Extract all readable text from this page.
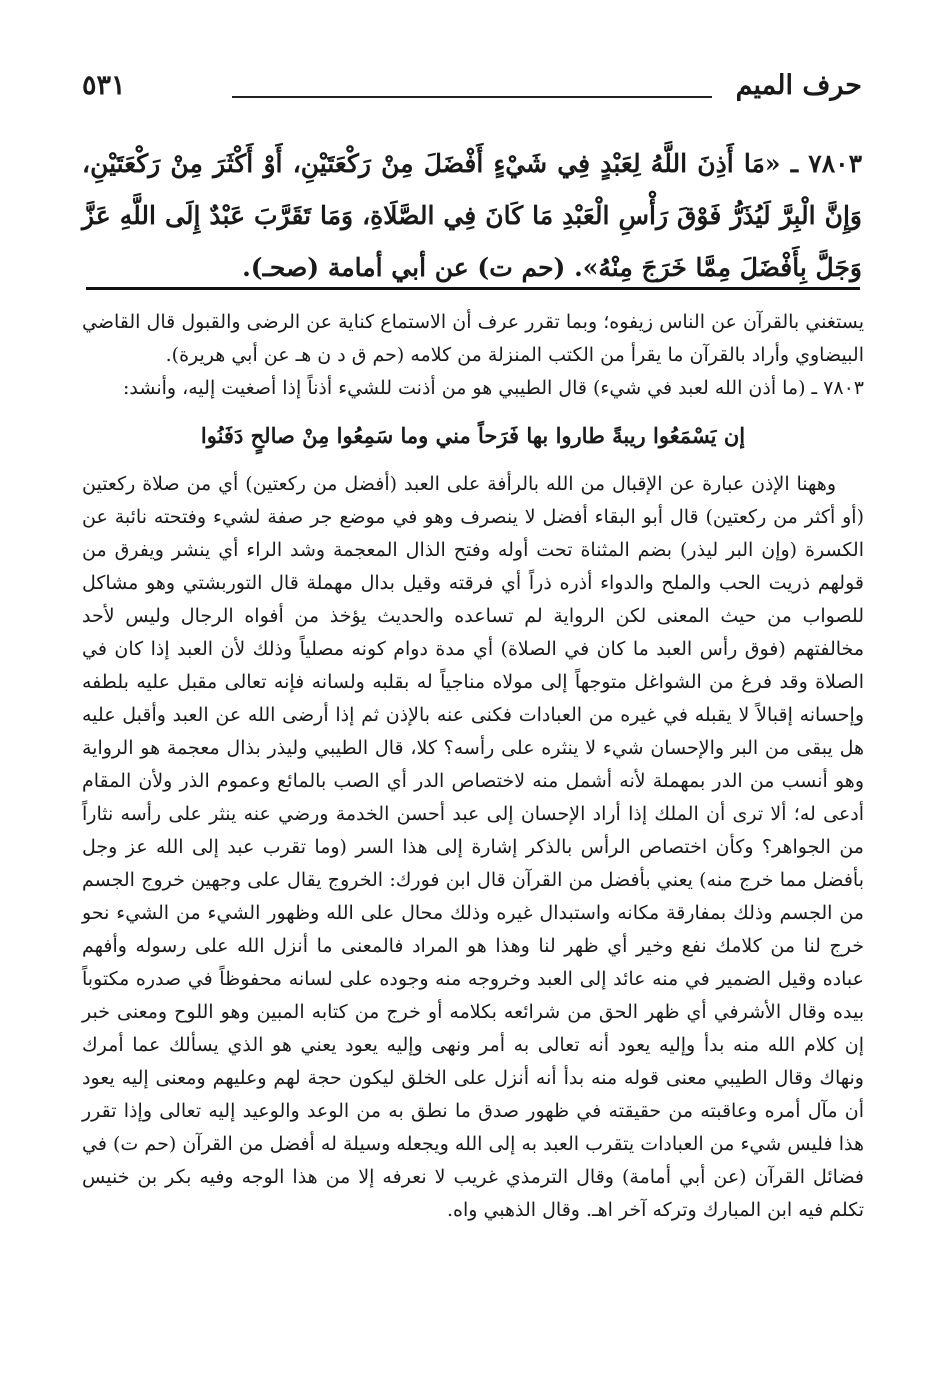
حرف الميم
٥٣١
٧٨٠٣ ـ «مَا أَذِنَ اللَّهُ لِعَبْدٍ فِي شَيْءٍ أَفْضَلَ مِنْ رَكْعَتَيْنِ، أَوْ أَكْثَرَ مِنْ رَكْعَتَيْنِ، وَإِنَّ الْبِرَّ لَيُذَرُّ فَوْقَ رَأْسِ الْعَبْدِ مَا كَانَ فِي الصَّلَاةِ، وَمَا تَقَرَّبَ عَبْدٌ إِلَى اللَّهِ عَزَّ وَجَلَّ بِأَفْضَلَ مِمَّا خَرَجَ مِنْهُ». (حم ت) عن أبي أمامة (صحـ).

يستغني بالقرآن عن الناس زيفوه؛ وبما تقرر عرف أن الاستماع كناية عن الرضى والقبول قال القاضي البيضاوي وأراد بالقرآن ما يقرأ من الكتب المنزلة من كلامه (حم ق د ن هـ عن أبي هريرة).

٧٨٠٣ ـ (ما أذن الله لعبد في شيء) قال الطيبي هو من أذنت للشيء أذناً إذا أصغيت إليه، وأنشد:

إن يَسْمَعُوا ريبةً طاروا بها فَرَحاً مني وما سَمِعُوا مِنْ صالحٍ دَفَنُوا

وههنا الإذن عبارة عن الإقبال من الله بالرأفة على العبد (أفضل من ركعتين) أي من صلاة ركعتين (أو أكثر من ركعتين) قال أبو البقاء أفضل لا ينصرف وهو في موضع جر صفة لشيء وفتحته نائبة عن الكسرة (وإن البر ليذر) بضم المثناة تحت أوله وفتح الذال المعجمة وشد الراء أي ينشر ويفرق من قولهم ذريت الحب والملح والدواء أذره ذراً أي فرقته وقيل بدال مهملة قال التوربشتي وهو مشاكل للصواب من حيث المعنى لكن الرواية لم تساعده والحديث يؤخذ من أفواه الرجال وليس لأحد مخالفتهم (فوق رأس العبد ما كان في الصلاة) أي مدة دوام كونه مصلياً وذلك لأن العبد إذا كان في الصلاة وقد فرغ من الشواغل متوجهاً إلى مولاه مناجياً له بقلبه ولسانه فإنه تعالى مقبل عليه بلطفه وإحسانه إقبالاً لا يقبله في غيره من العبادات فكنى عنه بالإذن ثم إذا أرضى الله عن العبد وأقبل عليه هل يبقى من البر والإحسان شيء لا ينثره على رأسه؟ كلا، قال الطيبي وليذر بذال معجمة هو الرواية وهو أنسب من الدر بمهملة لأنه أشمل منه لاختصاص الدر أي الصب بالمائع وعموم الذر ولأن المقام أدعى له؛ ألا ترى أن الملك إذا أراد الإحسان إلى عبد أحسن الخدمة ورضي عنه ينثر على رأسه نثاراً من الجواهر؟ وكأن اختصاص الرأس بالذكر إشارة إلى هذا السر (وما تقرب عبد إلى الله عز وجل بأفضل مما خرج منه) يعني بأفضل من القرآن قال ابن فورك: الخروج يقال على وجهين خروج الجسم من الجسم وذلك بمفارقة مكانه واستبدال غيره وذلك محال على الله وظهور الشيء من الشيء نحو خرج لنا من كلامك نفع وخير أي ظهر لنا وهذا هو المراد فالمعنى ما أنزل الله على رسوله وأفهم عباده وقيل الضمير في منه عائد إلى العبد وخروجه منه وجوده على لسانه محفوظاً في صدره مكتوباً بيده وقال الأشرفي أي ظهر الحق من شرائعه بكلامه أو خرج من كتابه المبين وهو اللوح ومعنى خبر إن كلام الله منه بدأ وإليه يعود أنه تعالى به أمر ونهى وإليه يعود يعني هو الذي يسألك عما أمرك ونهاك وقال الطيبي معنى قوله منه بدأ أنه أنزل على الخلق ليكون حجة لهم وعليهم ومعنى إليه يعود أن مآل أمره وعاقبته من حقيقته في ظهور صدق ما نطق به من الوعد والوعيد إليه تعالى وإذا تقرر هذا فليس شيء من العبادات يتقرب العبد به إلى الله ويجعله وسيلة له أفضل من القرآن (حم ت) في فضائل القرآن (عن أبي أمامة) وقال الترمذي غريب لا نعرفه إلا من هذا الوجه وفيه بكر بن خنيس تكلم فيه ابن المبارك وتركه آخر اهـ. وقال الذهبي واه.
